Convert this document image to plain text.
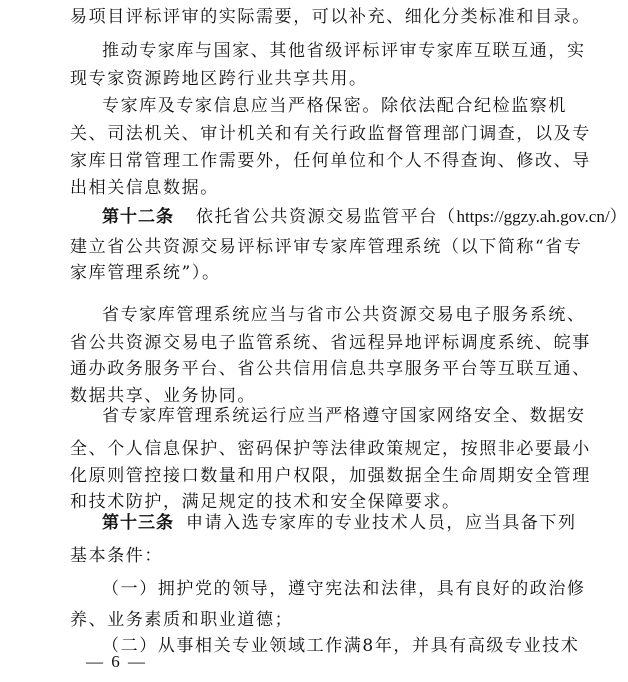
易项目评标评审的实际需要，可以补充、细化分类标准和目录。
推动专家库与国家、其他省级评标评审专家库互联互通，实
现专家资源跨地区跨行业共享共用。
专家库及专家信息应当严格保密。除依法配合纪检监察机
关、司法机关、审计机关和有关行政监督管理部门调查，以及专
家库日常管理工作需要外，任何单位和个人不得查询、修改、导
出相关信息数据。
第十二条 依托省公共资源交易监管平台（https://ggzy.ah.gov.cn/）
建立省公共资源交易评标评审专家库管理系统（以下简称“省专
家库管理系统”）。
省专家库管理系统应当与省市公共资源交易电子服务系统、
省公共资源交易电子监管系统、省远程异地评标调度系统、皖事
通办政务服务平台、省公共信用信息共享服务平台等互联互通、
数据共享、业务协同。
省专家库管理系统运行应当严格遵守国家网络安全、数据安
全、个人信息保护、密码保护等法律政策规定，按照非必要最小
化原则管控接口数量和用户权限，加强数据全生命周期安全管理
和技术防护，满足规定的技术和安全保障要求。
第十三条 申请入选专家库的专业技术人员，应当具备下列
基本条件：
（一）拥护党的领导，遵守宪法和法律，具有良好的政治修
养、业务素质和职业道德；
（二）从事相关专业领域工作满8年，并具有高级专业技术
— 6 —
